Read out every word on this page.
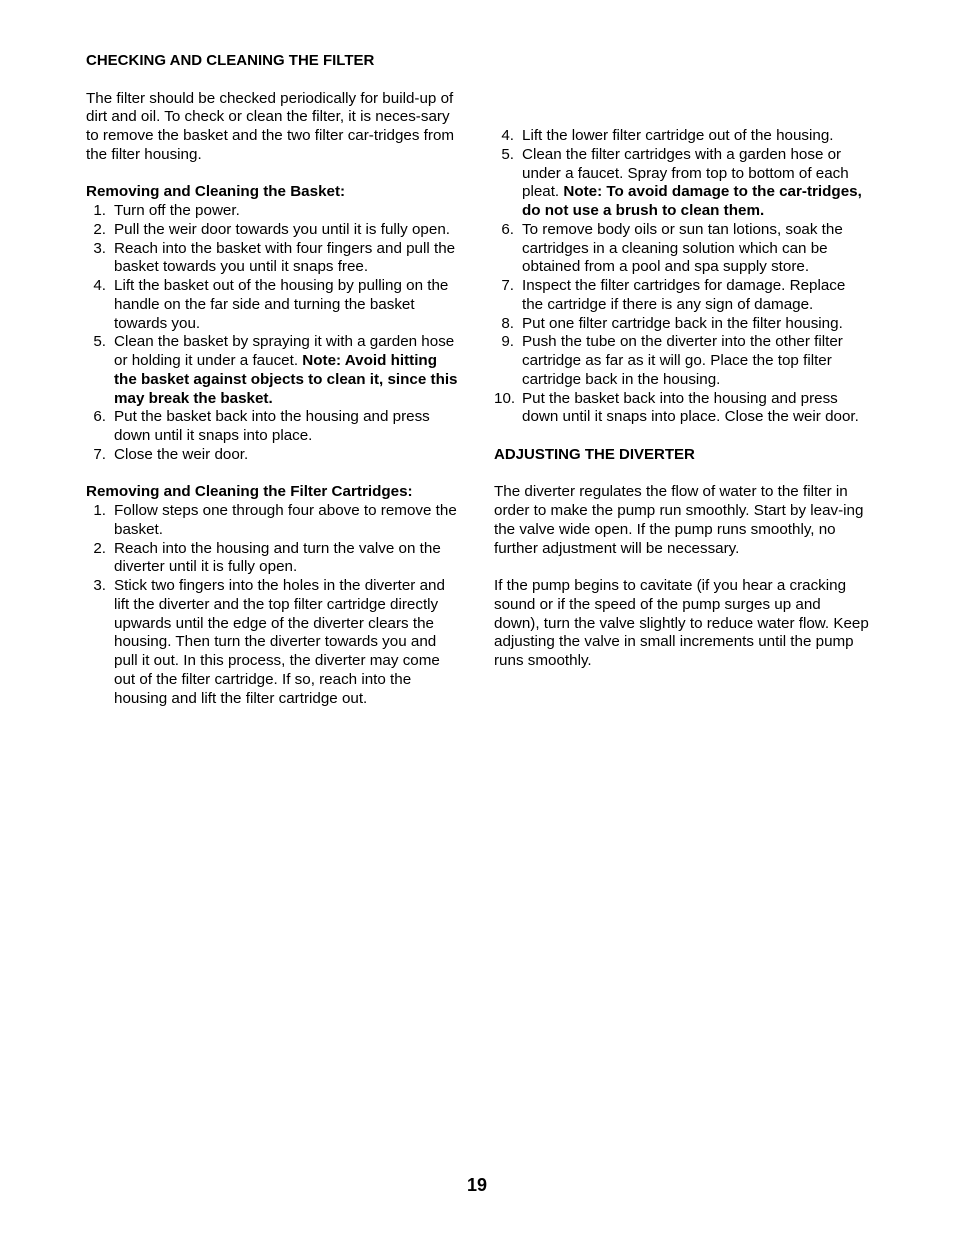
CHECKING AND CLEANING THE FILTER

The filter should be checked periodically for build-up of dirt and oil. To check or clean the filter, it is neces-sary to remove the basket and the two filter car-tridges from the filter housing.

Removing and Cleaning the Basket:
1. Turn off the power.
2. Pull the weir door towards you until it is fully open.
3. Reach into the basket with four fingers and pull the basket towards you until it snaps free.
4. Lift the basket out of the housing by pulling on the handle on the far side and turning the basket towards you.
5. Clean the basket by spraying it with a garden hose or holding it under a faucet. Note: Avoid hitting the basket against objects to clean it, since this may break the basket.
6. Put the basket back into the housing and press down until it snaps into place.
7. Close the weir door.
Removing and Cleaning the Filter Cartridges:
1. Follow steps one through four above to remove the basket.
2. Reach into the housing and turn the valve on the diverter until it is fully open.
3. Stick two fingers into the holes in the diverter and lift the diverter and the top filter cartridge directly upwards until the edge of the diverter clears the housing. Then turn the diverter towards you and pull it out. In this process, the diverter may come out of the filter cartridge. If so, reach into the housing and lift the filter cartridge out.
4. Lift the lower filter cartridge out of the housing.
5. Clean the filter cartridges with a garden hose or under a faucet. Spray from top to bottom of each pleat. Note: To avoid damage to the car-tridges, do not use a brush to clean them.
6. To remove body oils or sun tan lotions, soak the cartridges in a cleaning solution which can be obtained from a pool and spa supply store.
7. Inspect the filter cartridges for damage. Replace the cartridge if there is any sign of damage.
8. Put one filter cartridge back in the filter housing.
9. Push the tube on the diverter into the other filter cartridge as far as it will go. Place the top filter cartridge back in the housing.
10. Put the basket back into the housing and press down until it snaps into place. Close the weir door.
ADJUSTING THE DIVERTER

The diverter regulates the flow of water to the filter in order to make the pump run smoothly. Start by leav-ing the valve wide open. If the pump runs smoothly, no further adjustment will be necessary.

If the pump begins to cavitate (if you hear a cracking sound or if the speed of the pump surges up and down), turn the valve slightly to reduce water flow. Keep adjusting the valve in small increments until the pump runs smoothly.

19
